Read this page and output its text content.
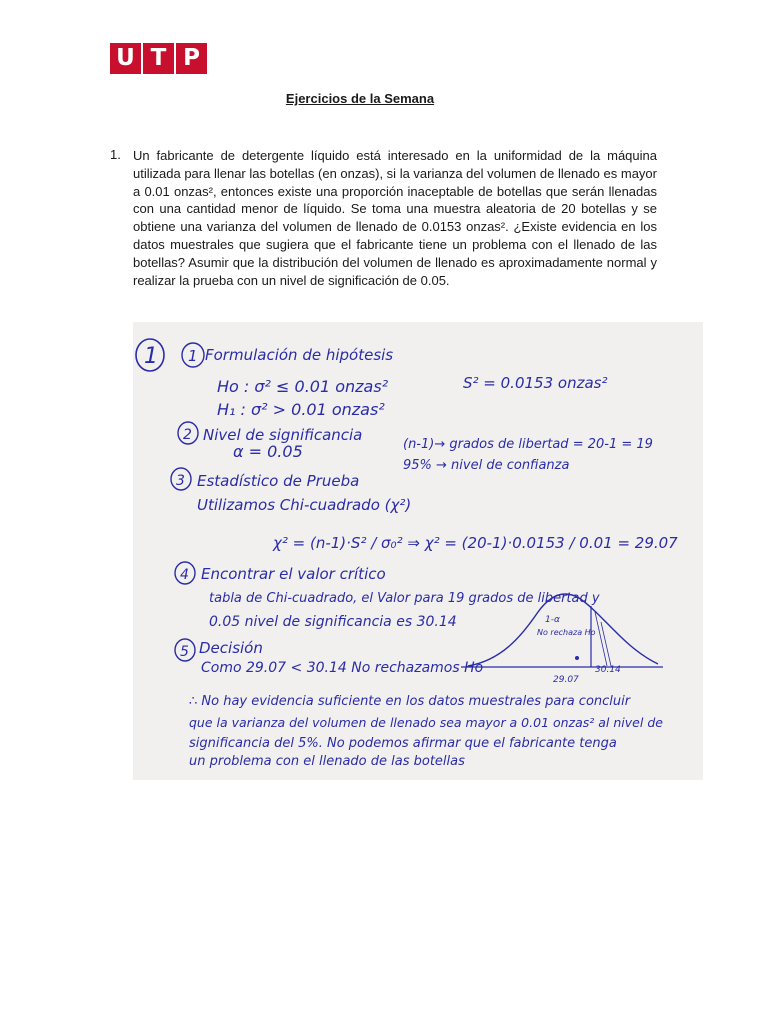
U T P
Ejercicios de la Semana
1. Un fabricante de detergente líquido está interesado en la uniformidad de la máquina utilizada para llenar las botellas (en onzas), si la varianza del volumen de llenado es mayor a 0.01 onzas², entonces existe una proporción inaceptable de botellas que serán llenadas con una cantidad menor de líquido. Se toma una muestra aleatoria de 20 botellas y se obtiene una varianza del volumen de llenado de 0.0153 onzas². ¿Existe evidencia en los datos muestrales que sugiera que el fabricante tiene un problema con el llenado de las botellas? Asumir que la distribución del volumen de llenado es aproximadamente normal y realizar la prueba con un nivel de significación de 0.05.
1 1 Formulación de hipótesis
Ho : σ² ≤ 0.01 onzas²
H₁ : σ² > 0.01 onzas²
S² = 0.0153 onzas²
2 Nivel de significancia
α = 0.05	(n-1)→ grados de libertad = 20-1 = 19
95% → nivel de confianza
3 Estadístico de Prueba
Utilizamos Chi-cuadrado (χ²)
χ² = (n-1)·S² / σ₀² ⇒ χ² = (20-1)·0.0153 / 0.01 = 29.07
4 Encontrar el valor crítico
tabla de Chi-cuadrado, el Valor para 19 grados de libertad y
0.05 nivel de significancia es 30.14
5 Decisión
Como 29.07 < 30.14 No rechazamos Ho
1-α
No rechaza Ho
29.07
30.14
∴ No hay evidencia suficiente en los datos muestrales para concluir
que la varianza del volumen de llenado sea mayor a 0.01 onzas² al nivel de
significancia del 5%. No podemos afirmar que el fabricante tenga
un problema con el llenado de las botellas
